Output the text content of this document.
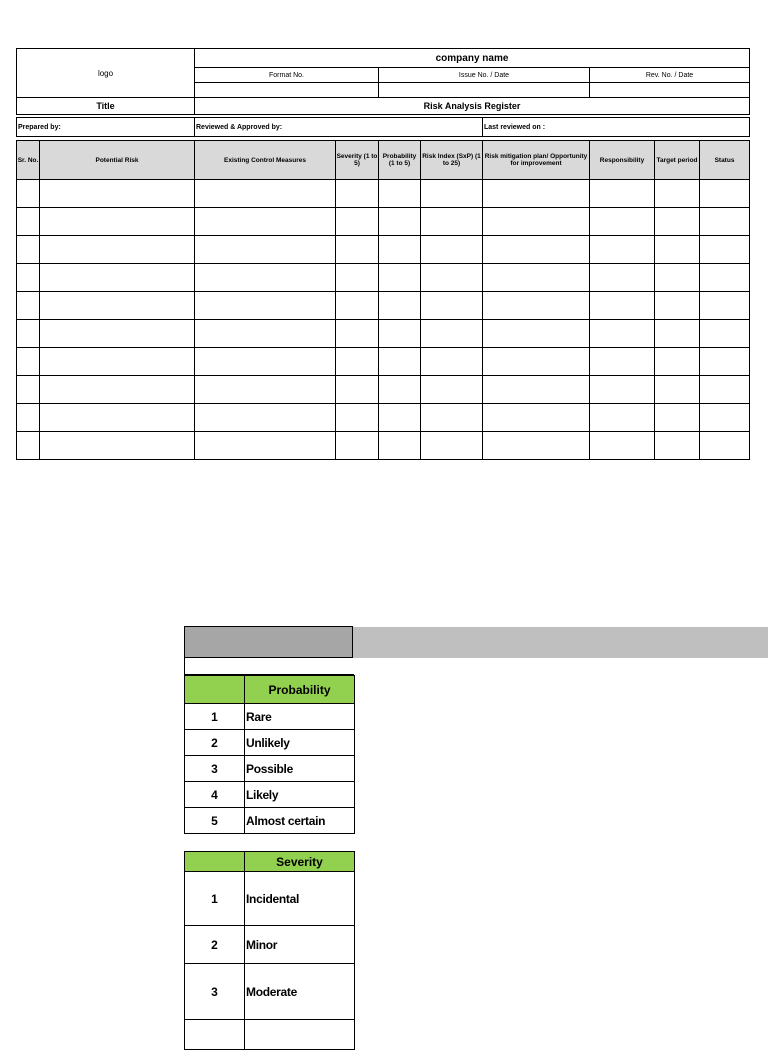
logo	company name		
	Format No.	Issue No. / Date	Rev. No. / Date

Title	Risk Analysis Register
Prepared by:	Reviewed & Approved by:	Last reviewed on :
Sr. No.	Potential Risk	Existing Control Measures	Severity (1 to 5)	Probability (1 to 5)	Risk Index (SxP) (1 to 25)	Risk mitigation plan/ Opportunity for improvement	Responsibility	Target period	Status

	Probability
1	Rare
2	Unlikely
3	Possible
4	Likely
5	Almost certain
	Severity
1	Incidental
2	Minor
3	Moderate
